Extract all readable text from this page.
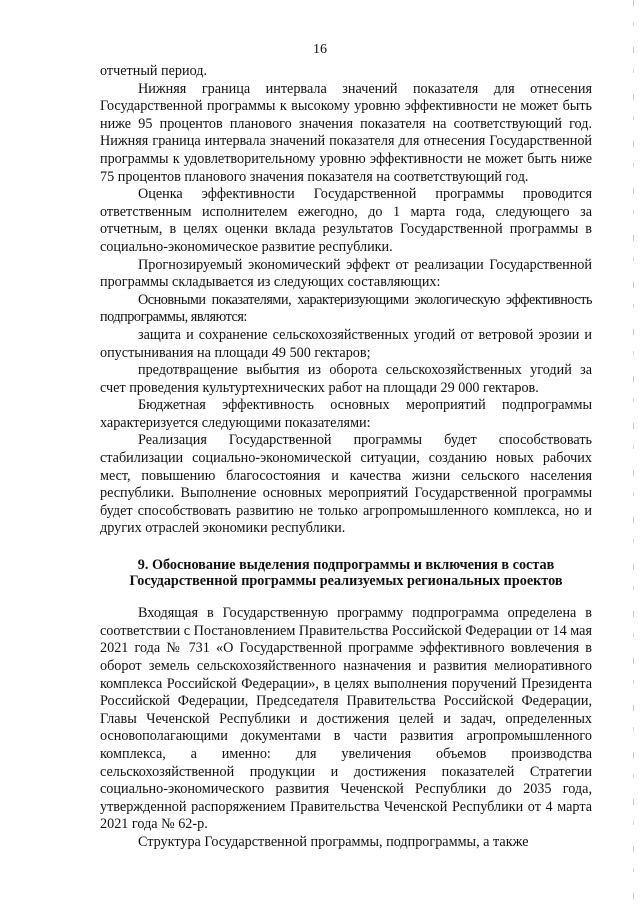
16

отчетный период.

Нижняя граница интервала значений показателя для отнесения Государственной программы к высокому уровню эффективности не может быть ниже 95 процентов планового значения показателя на соответствующий год. Нижняя граница интервала значений показателя для отнесения Государственной программы к удовлетворительному уровню эффективности не может быть ниже 75 процентов планового значения показателя на соответствующий год.

Оценка эффективности Государственной программы проводится ответственным исполнителем ежегодно, до 1 марта года, следующего за отчетным, в целях оценки вклада результатов Государственной программы в социально-экономическое развитие республики.

Прогнозируемый экономический эффект от реализации Государственной программы складывается из следующих составляющих:

Основными показателями, характеризующими экологическую эффективность подпрограммы, являются:

защита и сохранение сельскохозяйственных угодий от ветровой эрозии и опустынивания на площади 49 500 гектаров;

предотвращение выбытия из оборота сельскохозяйственных угодий за счет проведения культуртехнических работ на площади 29 000 гектаров.

Бюджетная эффективность основных мероприятий подпрограммы характеризуется следующими показателями:

Реализация Государственной программы будет способствовать стабилизации социально-экономической ситуации, созданию новых рабочих мест, повышению благосостояния и качества жизни сельского населения республики. Выполнение основных мероприятий Государственной программы будет способствовать развитию не только агропромышленного комплекса, но и других отраслей экономики республики.

9. Обоснование выделения подпрограммы и включения в состав
Государственной программы реализуемых региональных проектов

Входящая в Государственную программу подпрограмма определена в соответствии с Постановлением Правительства Российской Федерации от 14 мая 2021 года № 731 «О Государственной программе эффективного вовлечения в оборот земель сельскохозяйственного назначения и развития мелиоративного комплекса Российской Федерации», в целях выполнения поручений Президента Российской Федерации, Председателя Правительства Российской Федерации, Главы Чеченской Республики и достижения целей и задач, определенных основополагающими документами в части развития агропромышленного комплекса, а именно: для увеличения объемов производства сельскохозяйственной продукции и достижения показателей Стратегии социально-экономического развития Чеченской Республики до 2035 года, утвержденной распоряжением Правительства Чеченской Республики от 4 марта 2021 года № 62-р.

Структура Государственной программы, подпрограммы, а также
